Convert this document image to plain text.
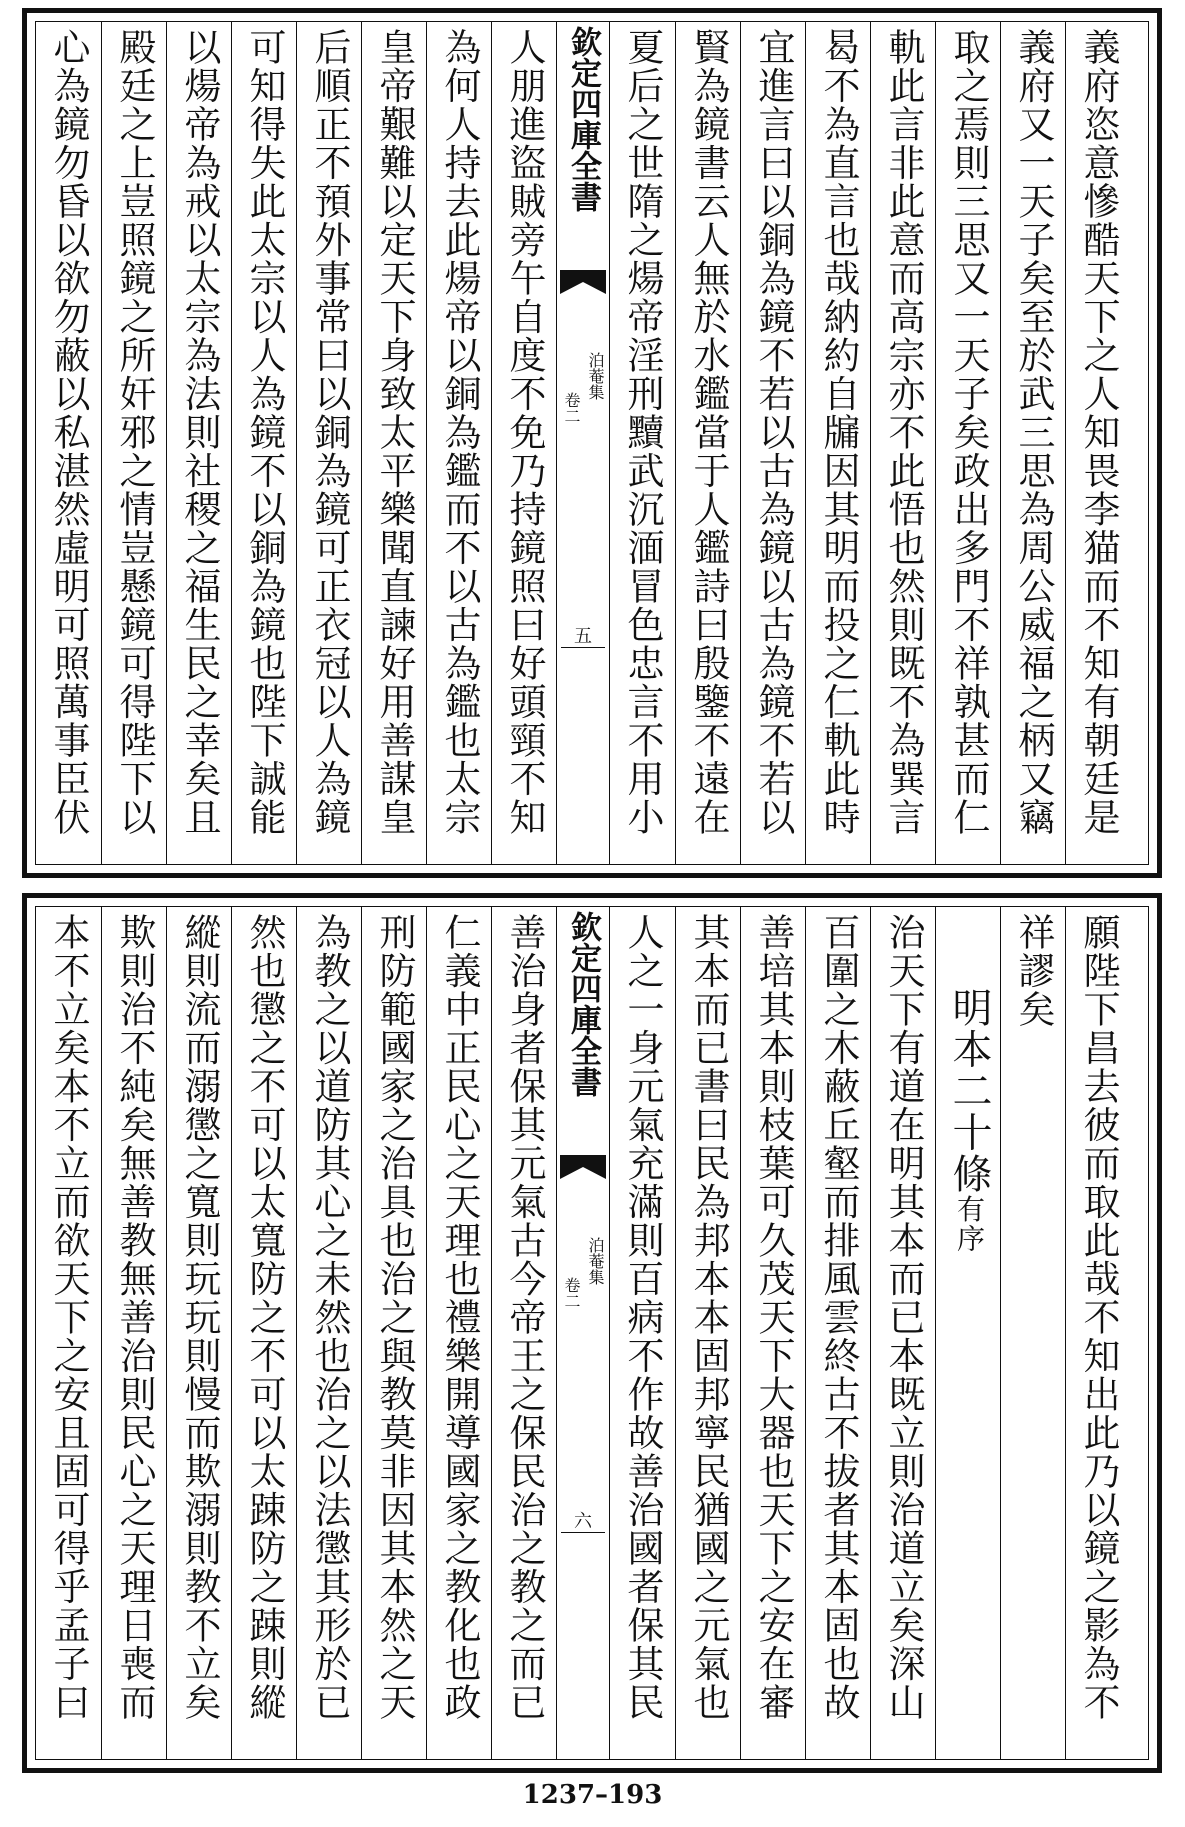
心為鏡勿昏以欲勿蔽以私湛然虛明可照萬事臣伏 殿廷之上豈照鏡之所奸邪之情豈懸鏡可得陛下以 以煬帝為戒以太宗為法則社稷之福生民之幸矣且 可知得失此太宗以人為鏡不以銅為鏡也陛下誠能 后順正不預外事常曰以銅為鏡可正衣冠以人為鏡 皇帝艱難以定天下身致太平樂聞直諫好用善謀皇 為何人持去此煬帝以銅為鑑而不以古為鑑也太宗 人朋進盜賊旁午自度不免乃持鏡照曰好頭頸不知 欽定四庫全書
泊菴集
卷二
五 夏后之世隋之煬帝淫刑黷武沉湎冒色忠言不用小 賢為鏡書云人無於水鑑當于人鑑詩曰殷鑒不遠在 宜進言曰以銅為鏡不若以古為鏡以古為鏡不若以 曷不為直言也哉納約自牖因其明而投之仁軌此時 軌此言非此意而高宗亦不此悟也然則既不為巽言 取之焉則三思又一天子矣政出多門不祥孰甚而仁 義府又一天子矣至於武三思為周公威福之柄又竊 義府恣意慘酷天下之人知畏李猫而不知有朝廷是
本不立矣本不立而欲天下之安且固可得乎孟子曰 欺則治不純矣無善教無善治則民心之天理日喪而 縱則流而溺懲之寬則玩玩則慢而欺溺則教不立矣 然也懲之不可以太寬防之不可以太踈防之踈則縱 為教之以道防其心之未然也治之以法懲其形於已 刑防範國家之治具也治之與教莫非因其本然之天 仁義中正民心之天理也禮樂開導國家之教化也政 善治身者保其元氣古今帝王之保民治之教之而已 欽定四庫全書
泊菴集
卷二
六 人之一身元氣充滿則百病不作故善治國者保其民 其本而已書曰民為邦本本固邦寧民猶國之元氣也 善培其本則枝葉可久茂天下大器也天下之安在審 百圍之木蔽丘壑而排風雲終古不拔者其本固也故 治天下有道在明其本而已本既立則治道立矣深山 明本二十條有序
祥謬矣 願陛下昌去彼而取此哉不知出此乃以鏡之影為不
1237–193
